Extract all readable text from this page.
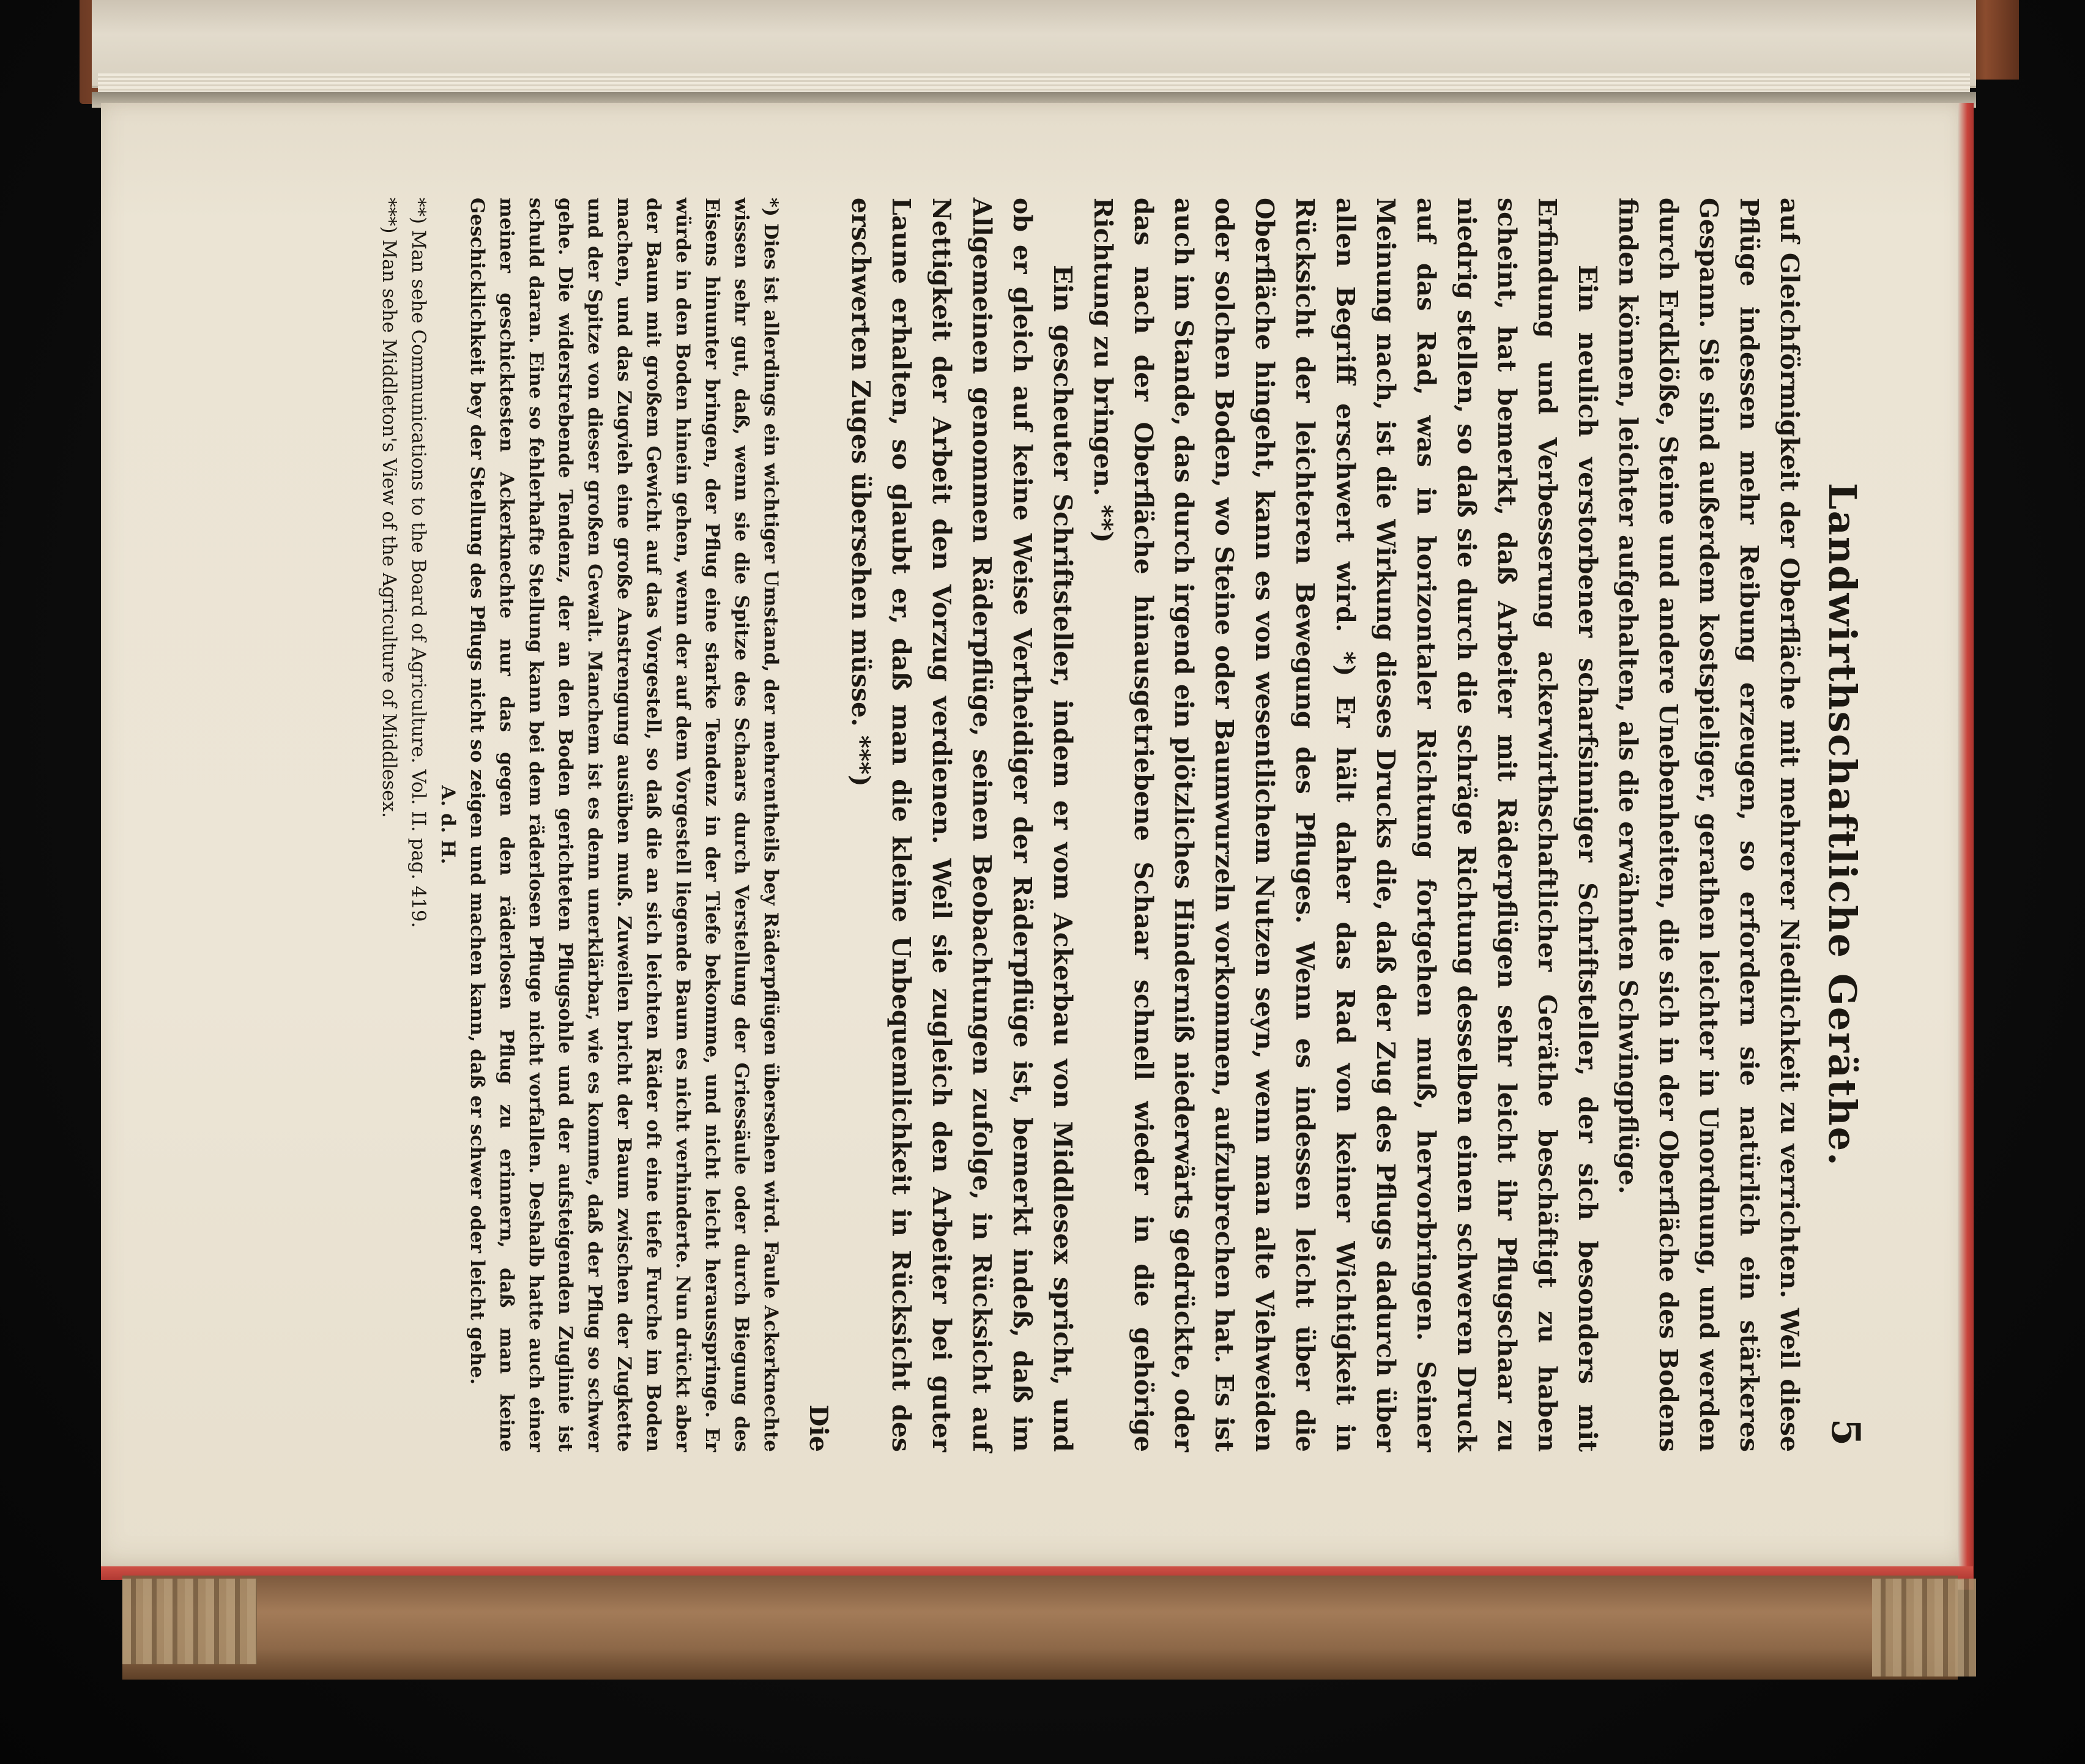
Landwirthschaftliche Geräthe.
5

auf Gleichförmigkeit der Oberfläche mit mehrerer Niedlichkeit zu verrichten. Weil diese Pflüge indessen mehr Reibung erzeugen, so erfordern sie natürlich ein stärkeres Gespann. Sie sind außerdem kostspieliger, gerathen leichter in Unordnung, und werden durch Erdklöße, Steine und andere Unebenheiten, die sich in der Oberfläche des Bodens finden können, leichter aufgehalten, als die erwähnten Schwingpflüge.

Ein neulich verstorbener scharfsinniger Schriftsteller, der sich besonders mit Erfindung und Verbesserung ackerwirthschaftlicher Geräthe beschäftigt zu haben scheint, hat bemerkt, daß Arbeiter mit Räderpflügen sehr leicht ihr Pflugschaar zu niedrig stellen, so daß sie durch die schräge Richtung desselben einen schweren Druck auf das Rad, was in horizontaler Richtung fortgehen muß, hervorbringen. Seiner Meinung nach, ist die Wirkung dieses Drucks die, daß der Zug des Pflugs dadurch über allen Begriff erschwert wird. *) Er hält daher das Rad von keiner Wichtigkeit in Rücksicht der leichteren Bewegung des Pfluges. Wenn es indessen leicht über die Oberfläche hingeht, kann es von wesentlichem Nutzen seyn, wenn man alte Viehweiden oder solchen Boden, wo Steine oder Baumwurzeln vorkommen, aufzubrechen hat. Es ist auch im Stande, das durch irgend ein plötzliches Hinderniß niederwärts gedrückte, oder das nach der Oberfläche hinausgetriebene Schaar schnell wieder in die gehörige Richtung zu bringen. **)

Ein gescheuter Schriftsteller, indem er vom Ackerbau von Middlesex spricht, und ob er gleich auf keine Weise Vertheidiger der Räderpflüge ist, bemerkt indeß, daß im Allgemeinen genommen Räderpflüge, seinen Beobachtungen zufolge, in Rücksicht auf Nettigkeit der Arbeit den Vorzug verdienen. Weil sie zugleich den Arbeiter bei guter Laune erhalten, so glaubt er, daß man die kleine Unbequemlichkeit in Rücksicht des erschwerten Zuges übersehen müsse. ***)

Die

*) Dies ist allerdings ein wichtiger Umstand, der mehrentheils bey Räderpflügen übersehen wird. Faule Ackerknechte wissen sehr gut, daß, wenn sie die Spitze des Schaars durch Verstellung der Griessäule oder durch Biegung des Eisens hinunter bringen, der Pflug eine starke Tendenz in der Tiefe bekomme, und nicht leicht herausspringe. Er würde in den Boden hinein gehen, wenn der auf dem Vorgestell liegende Baum es nicht verhinderte. Nun drückt aber der Baum mit großem Gewicht auf das Vorgestell, so daß die an sich leichten Räder oft eine tiefe Furche im Boden machen, und das Zugvieh eine große Anstrengung ausüben muß. Zuweilen bricht der Baum zwischen der Zugkette und der Spitze von dieser großen Gewalt. Manchem ist es denn unerklärbar, wie es komme, daß der Pflug so schwer gehe. Die widerstrebende Tendenz, der an den Boden gerichteten Pflugsohle und der aufsteigenden Zuglinie ist schuld daran. Eine so fehlerhafte Stellung kann bei dem räderlosen Pfluge nicht vorfallen. Deshalb hatte auch einer meiner geschicktesten Ackerknechte nur das gegen den räderlosen Pflug zu erinnern, daß man keine Geschicklichkeit bey der Stellung des Pflugs nicht so zeigen und machen kann, daß er schwer oder leicht gehe.

A. d. H.

**) Man sehe Communications to the Board of Agriculture. Vol. II. pag. 419.

***) Man sehe Middleton's View of the Agriculture of Middlesex.
